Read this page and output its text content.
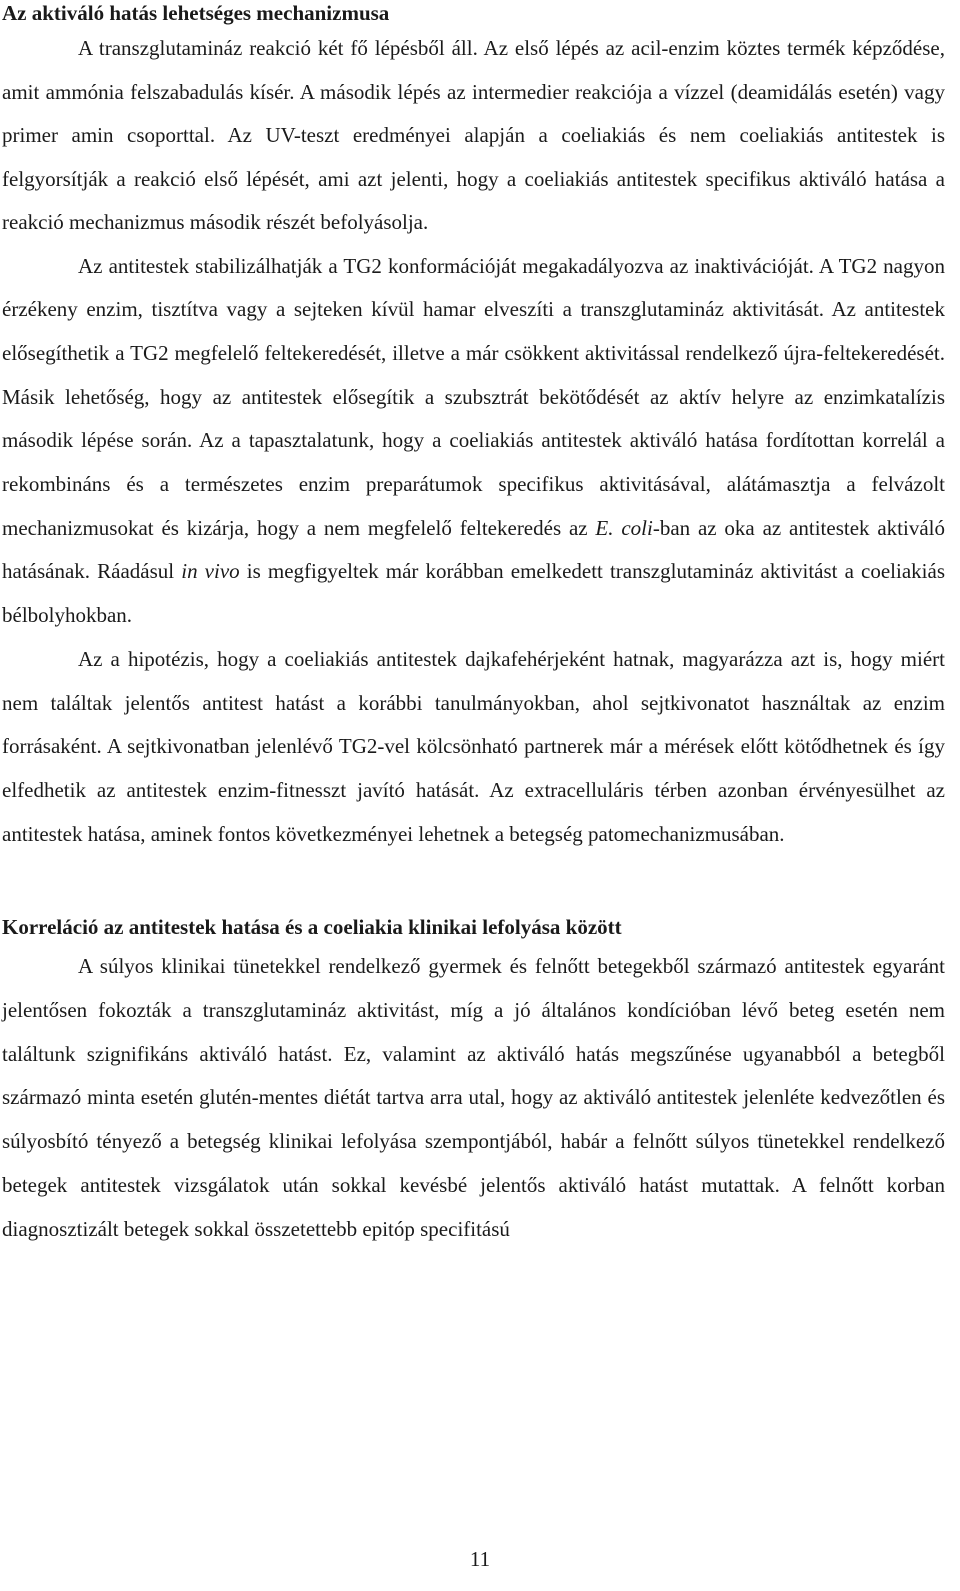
Az aktiváló hatás lehetséges mechanizmusa

A transzglutamináz reakció két fő lépésből áll. Az első lépés az acil-enzim köztes termék képződése, amit ammónia felszabadulás kísér. A második lépés az intermedier reakciója a vízzel (deamidálás esetén) vagy primer amin csoporttal. Az UV-teszt eredményei alapján a coeliakiás és nem coeliakiás antitestek is felgyorsítják a reakció első lépését, ami azt jelenti, hogy a coeliakiás antitestek specifikus aktiváló hatása a reakció mechanizmus második részét befolyásolja.

Az antitestek stabilizálhatják a TG2 konformációját megakadályozva az inaktivációját. A TG2 nagyon érzékeny enzim, tisztítva vagy a sejteken kívül hamar elveszíti a transzglutamináz aktivitását. Az antitestek elősegíthetik a TG2 megfelelő feltekeredését, illetve a már csökkent aktivitással rendelkező újra-feltekeredését. Másik lehetőség, hogy az antitestek elősegítik a szubsztrát bekötődését az aktív helyre az enzimkatalízis második lépése során. Az a tapasztalatunk, hogy a coeliakiás antitestek aktiváló hatása fordítottan korrelál a rekombináns és a természetes enzim preparátumok specifikus aktivitásával, alátámasztja a felvázolt mechanizmusokat és kizárja, hogy a nem megfelelő feltekeredés az E. coli-ban az oka az antitestek aktiváló hatásának. Ráadásul in vivo is megfigyeltek már korábban emelkedett transzglutamináz aktivitást a coeliakiás bélbolyhokban.

Az a hipotézis, hogy a coeliakiás antitestek dajkafehérjeként hatnak, magyarázza azt is, hogy miért nem találtak jelentős antitest hatást a korábbi tanulmányokban, ahol sejtkivonatot használtak az enzim forrásaként. A sejtkivonatban jelenlévő TG2-vel kölcsönható partnerek már a mérések előtt kötődhetnek és így elfedhetik az antitestek enzim-fitnesszt javító hatását. Az extracelluláris térben azonban érvényesülhet az antitestek hatása, aminek fontos következményei lehetnek a betegség patomechanizmusában.

Korreláció az antitestek hatása és a coeliakia klinikai lefolyása között

A súlyos klinikai tünetekkel rendelkező gyermek és felnőtt betegekből származó antitestek egyaránt jelentősen fokozták a transzglutamináz aktivitást, míg a jó általános kondícióban lévő beteg esetén nem találtunk szignifikáns aktiváló hatást. Ez, valamint az aktiváló hatás megszűnése ugyanabból a betegből származó minta esetén glutén-mentes diétát tartva arra utal, hogy az aktiváló antitestek jelenléte kedvezőtlen és súlyosbító tényező a betegség klinikai lefolyása szempontjából, habár a felnőtt súlyos tünetekkel rendelkező betegek antitestek vizsgálatok után sokkal kevésbé jelentős aktiváló hatást mutattak. A felnőtt korban diagnosztizált betegek sokkal összetettebb epitóp specifitású

11
